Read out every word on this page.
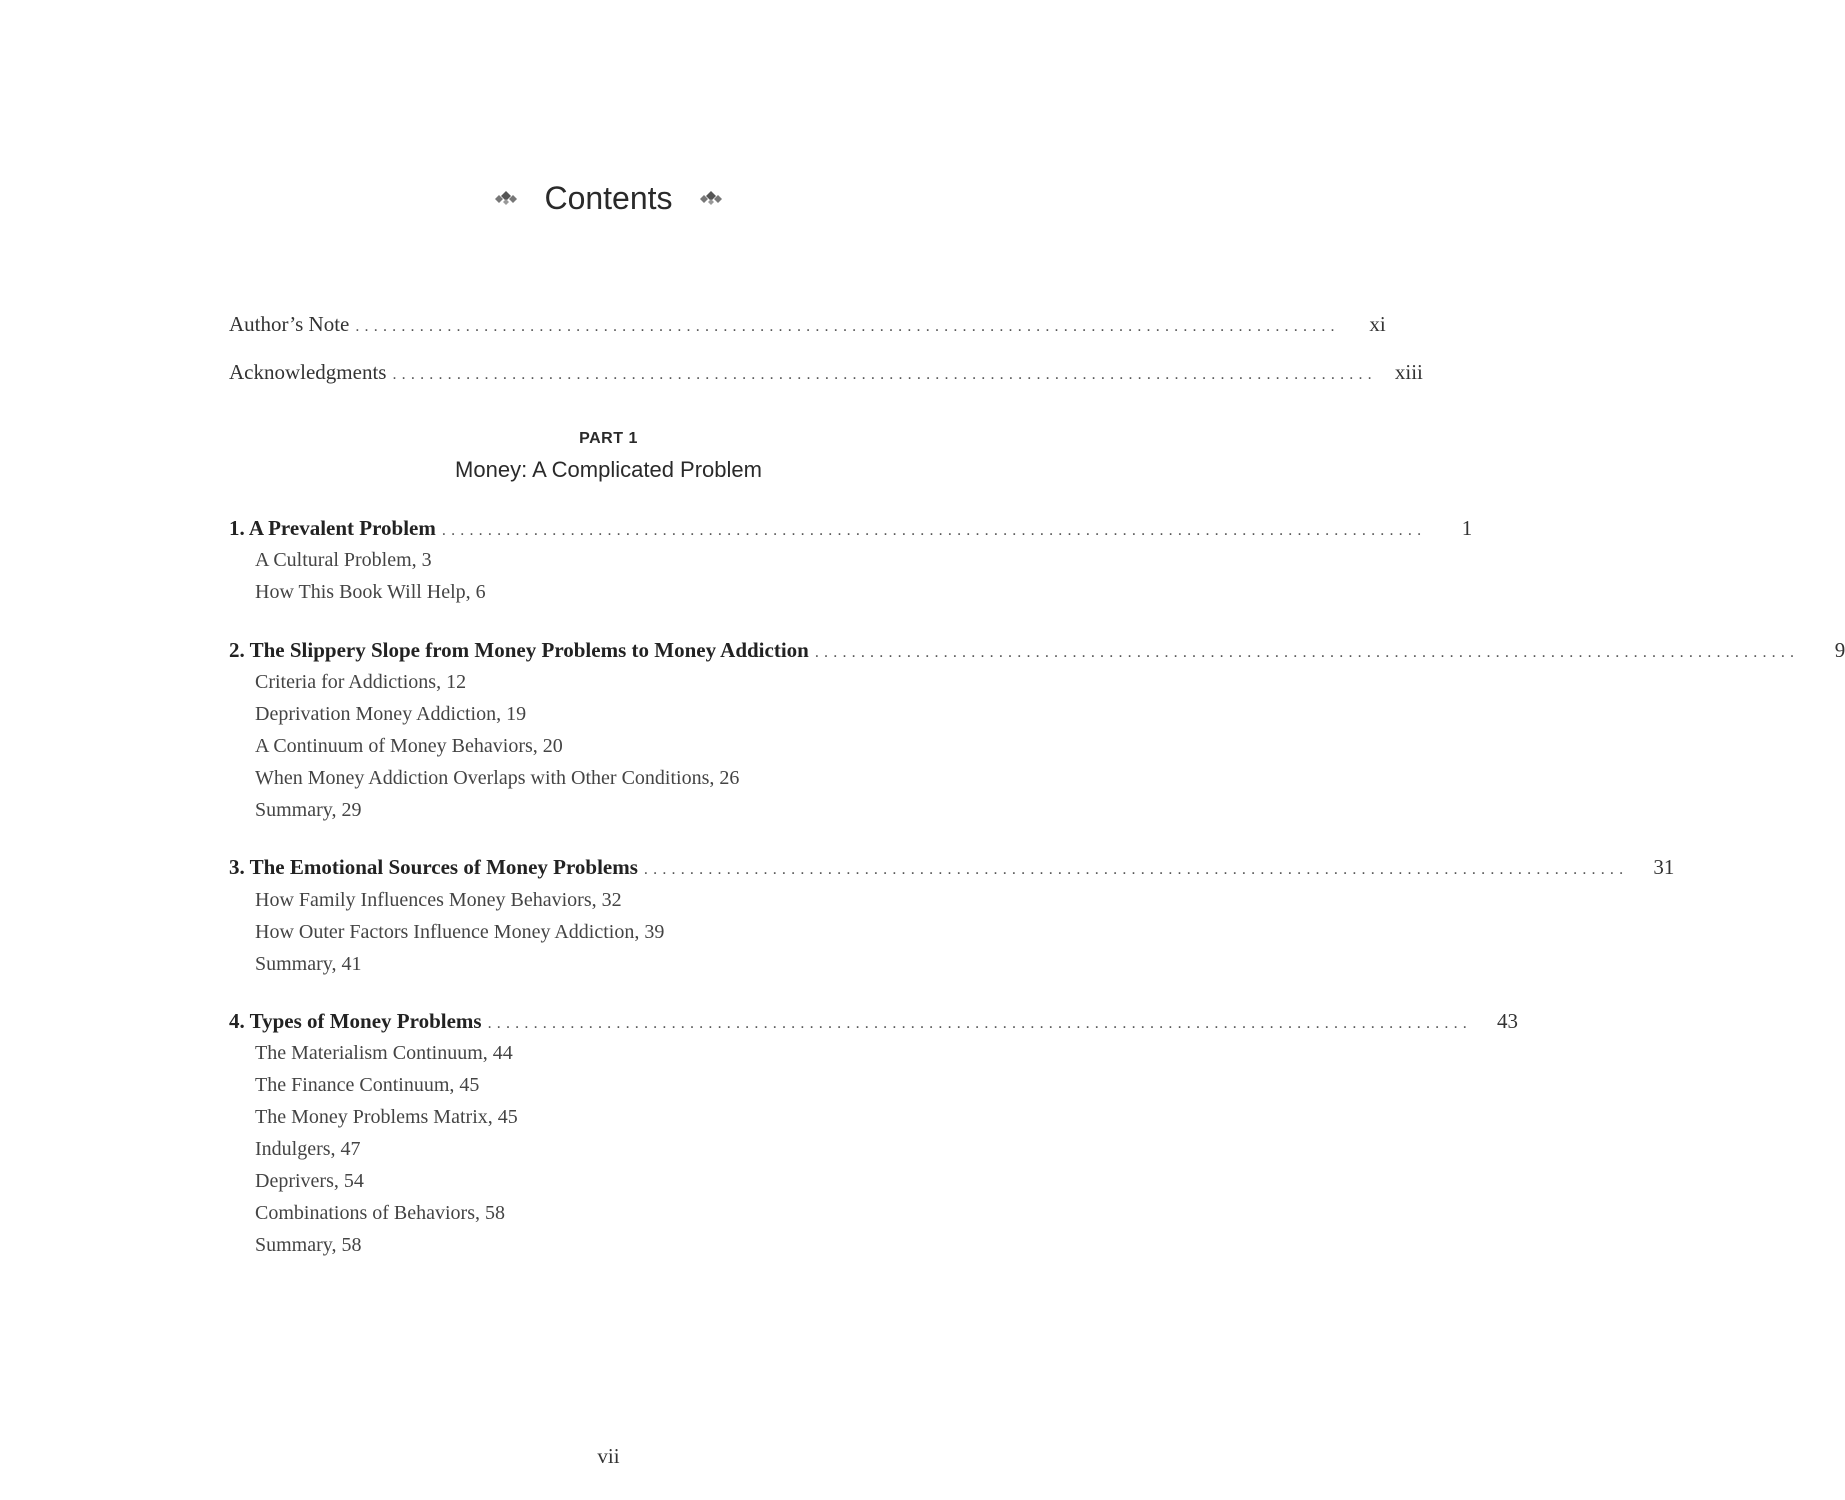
Contents
Author’s Note ...........................................................................................................	xi
Acknowledgments ........................................................................................................... xiii
PART 1
Money: A Complicated Problem
1. A Prevalent Problem ...........................................................................................................	1
A Cultural Problem, 3
How This Book Will Help, 6
2. The Slippery Slope from Money Problems to Money Addiction ...........................................................................................................	9
Criteria for Addictions, 12
Deprivation Money Addiction, 19
A Continuum of Money Behaviors, 20
When Money Addiction Overlaps with Other Conditions, 26
Summary, 29
3. The Emotional Sources of Money Problems ...........................................................................................................	31
How Family Influences Money Behaviors, 32
How Outer Factors Influence Money Addiction, 39
Summary, 41
4. Types of Money Problems ...........................................................................................................	43
The Materialism Continuum, 44
The Finance Continuum, 45
The Money Problems Matrix, 45
Indulgers, 47
Deprivers, 54
Combinations of Behaviors, 58
Summary, 58
vii
